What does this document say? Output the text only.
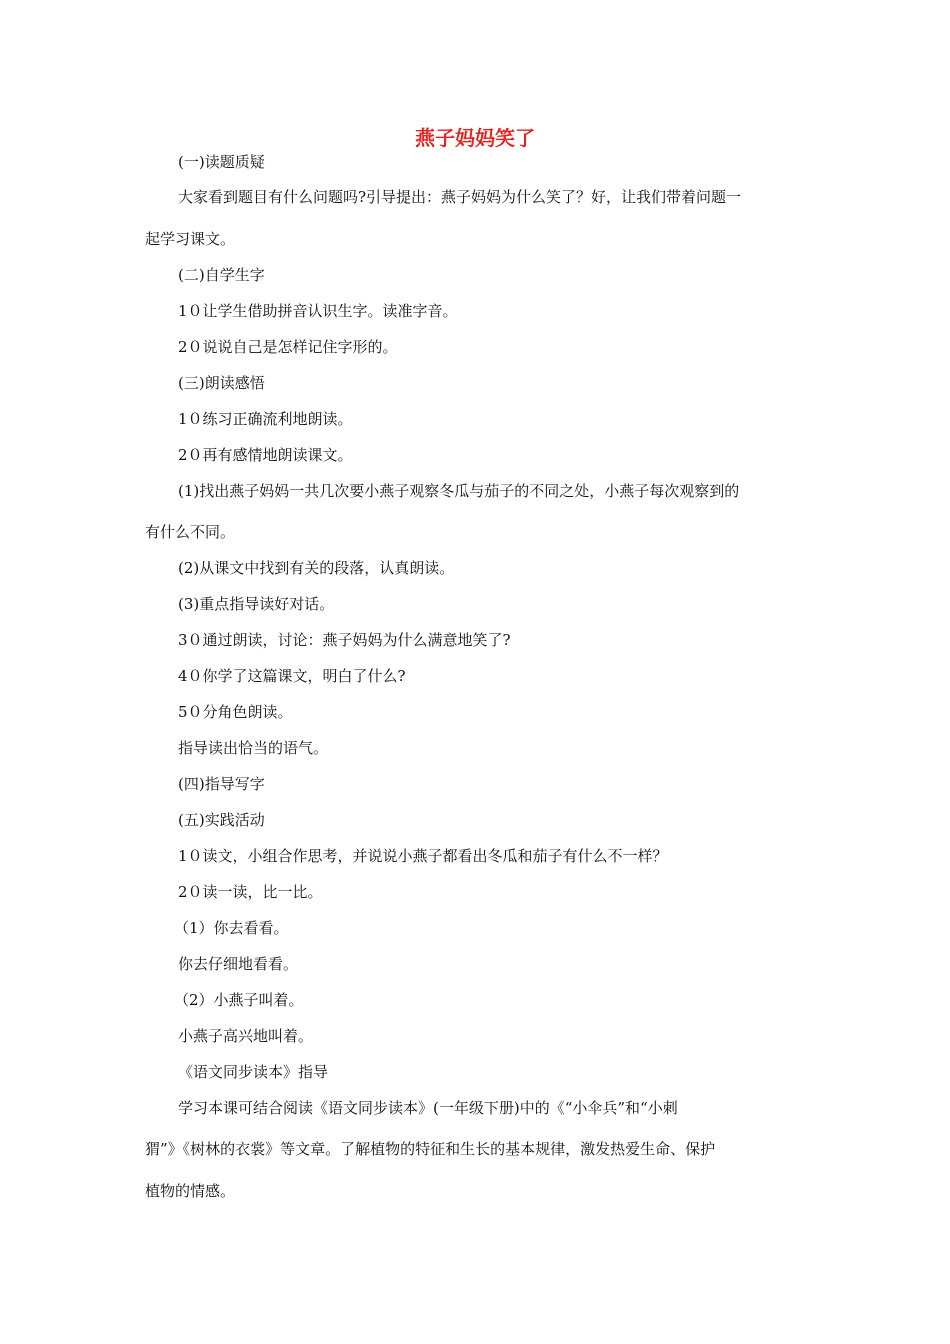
燕子妈妈笑了
(一)读题质疑
大家看到题目有什么问题吗?引导提出：燕子妈妈为什么笑了？好，让我们带着问题一
起学习课文。
(二)自学生字
1０让学生借助拼音认识生字。读准字音。
2０说说自己是怎样记住字形的。
(三)朗读感悟
1０练习正确流利地朗读。
2０再有感情地朗读课文。
(1)找出燕子妈妈一共几次要小燕子观察冬瓜与茄子的不同之处，小燕子每次观察到的
有什么不同。
(2)从课文中找到有关的段落，认真朗读。
(3)重点指导读好对话。
3０通过朗读，讨论：燕子妈妈为什么满意地笑了?
4０你学了这篇课文，明白了什么?
5０分角色朗读。
指导读出恰当的语气。
(四)指导写字
(五)实践活动
1０读文，小组合作思考，并说说小燕子都看出冬瓜和茄子有什么不一样？
2０读一读，比一比。
（1）你去看看。
你去仔细地看看。
（2）小燕子叫着。
小燕子高兴地叫着。
《语文同步读本》指导
学习本课可结合阅读《语文同步读本》(一年级下册)中的《“小伞兵”和“小刺
猬”》《树林的衣裳》等文章。了解植物的特征和生长的基本规律，激发热爱生命、保护
植物的情感。
